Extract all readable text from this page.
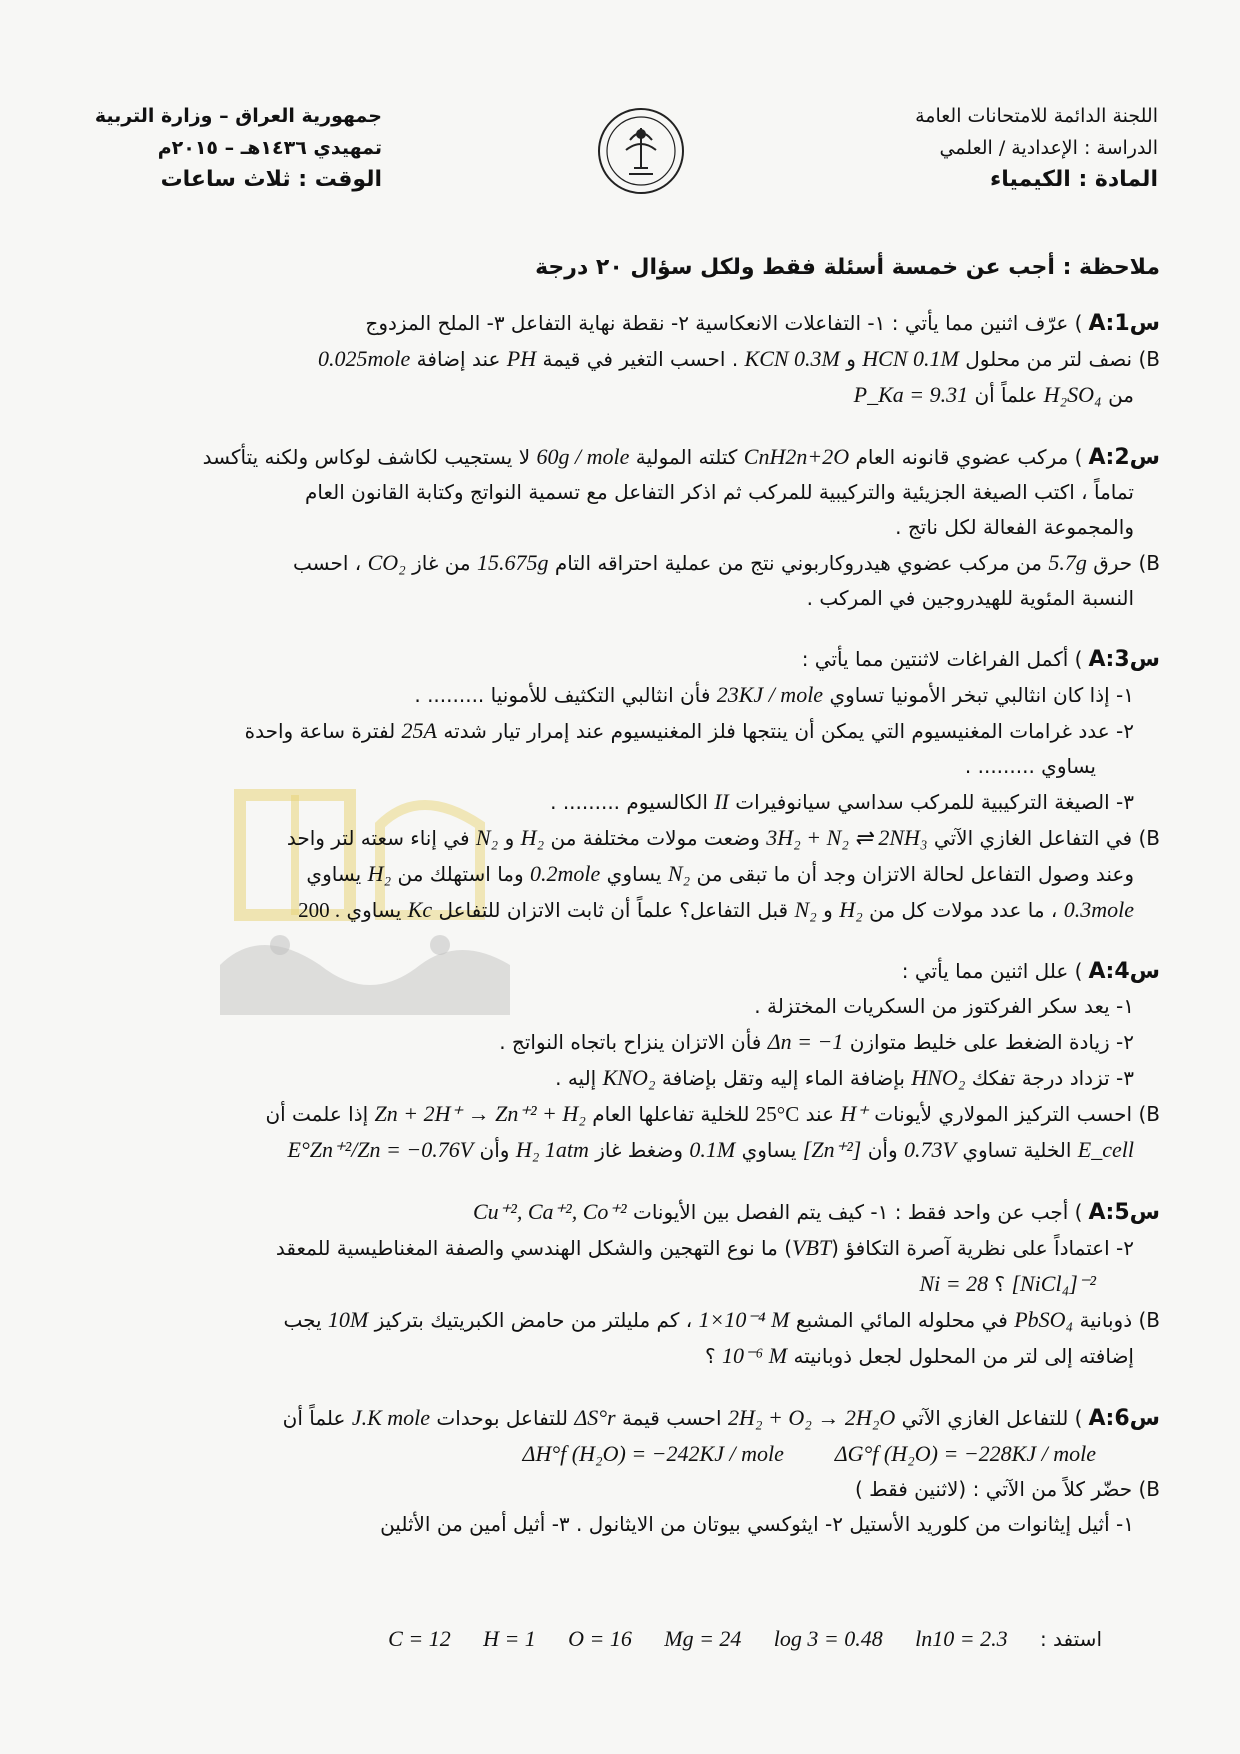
اللجنة الدائمة للامتحانات العامة
الدراسة : الإعدادية / العلمي
المادة : الكيمياء
جمهورية العراق – وزارة التربية
تمهيدي ١٤٣٦هـ – ٢٠١٥م
الوقت : ثلاث ساعات
ملاحظة : أجب عن خمسة أسئلة فقط ولكل سؤال ٢٠ درجة
س1:A) عرّف اثنين مما يأتي : ١- التفاعلات الانعكاسية ٢- نقطة نهاية التفاعل ٣- الملح المزدوج
B) نصف لتر من محلول HCN 0.1M و KCN 0.3M . احسب التغير في قيمة PH عند إضافة 0.025mole
من H₂SO₄ علماً أن P_Ka = 9.31
س2:A) مركب عضوي قانونه العام CnH2n+2O كتلته المولية 60g / mole لا يستجيب لكاشف لوكاس ولكنه يتأكسد
تماماً ، اكتب الصيغة الجزيئية والتركيبية للمركب ثم اذكر التفاعل مع تسمية النواتج وكتابة القانون العام
والمجموعة الفعالة لكل ناتج .
B) حرق 5.7g من مركب عضوي هيدروكاربوني نتج من عملية احتراقه التام 15.675g من غاز CO₂ ، احسب
النسبة المئوية للهيدروجين في المركب .
س3:A) أكمل الفراغات لاثنتين مما يأتي :
١- إذا كان انثالبي تبخر الأمونيا تساوي 23KJ / mole فأن انثالبي التكثيف للأمونيا ......... .
٢- عدد غرامات المغنيسيوم التي يمكن أن ينتجها فلز المغنيسيوم عند إمرار تيار شدته 25A لفترة ساعة واحدة
يساوي ......... .
٣- الصيغة التركيبية للمركب سداسي سيانوفيرات II الكالسيوم ......... .
B) في التفاعل الغازي الآتي 3H₂ + N₂ ⇌ 2NH₃ وضعت مولات مختلفة من H₂ و N₂ في إناء سعته لتر واحد
وعند وصول التفاعل لحالة الاتزان وجد أن ما تبقى من N₂ يساوي 0.2mole وما استهلك من H₂ يساوي
0.3mole ، ما عدد مولات كل من H₂ و N₂ قبل التفاعل؟ علماً أن ثابت الاتزان للتفاعل Kc يساوي 200 .
س4:A) علل اثنين مما يأتي :
١- يعد سكر الفركتوز من السكريات المختزلة .
٢- زيادة الضغط على خليط متوازن Δn = −1 فأن الاتزان ينزاح باتجاه النواتج .
٣- تزداد درجة تفكك HNO₂ بإضافة الماء إليه وتقل بإضافة KNO₂ إليه .
B) احسب التركيز المولاري لأيونات H⁺ عند 25°C للخلية تفاعلها العام Zn + 2H⁺ → Zn⁺² + H₂ إذا علمت أن
E_cell الخلية تساوي 0.73V وأن [Zn⁺²] يساوي 0.1M وضغط غاز H₂ 1atm وأن E°Zn⁺²/Zn = −0.76V
س5:A) أجب عن واحد فقط : ١- كيف يتم الفصل بين الأيونات Cu⁺², Ca⁺², Co⁺²
٢- اعتماداً على نظرية آصرة التكافؤ (VBT) ما نوع التهجين والشكل الهندسي والصفة المغناطيسية للمعقد
[NiCl₄]⁻² ؟ Ni = 28
B) ذوبانية PbSO₄ في محلوله المائي المشبع 1×10⁻⁴ M ، كم مليلتر من حامض الكبريتيك بتركيز 10M يجب
إضافته إلى لتر من المحلول لجعل ذوبانيته 10⁻⁶ M ؟
س6:A) للتفاعل الغازي الآتي 2H₂ + O₂ → 2H₂O احسب قيمة ΔS°r للتفاعل بوحدات J.K mole علماً أن
ΔG°f (H₂O) = −228KJ / mole        ΔH°f (H₂O) = −242KJ / mole
B) حضّر كلاً من الآتي : (لاثنين فقط )
١- أثيل إيثانوات من كلوريد الأستيل ٢- ايثوكسي بيوتان من الايثانول . ٣- أثيل أمين من الأثلين
استفد : ln10 = 2.3 log 3 = 0.48 Mg = 24 O = 16 H = 1 C = 12
